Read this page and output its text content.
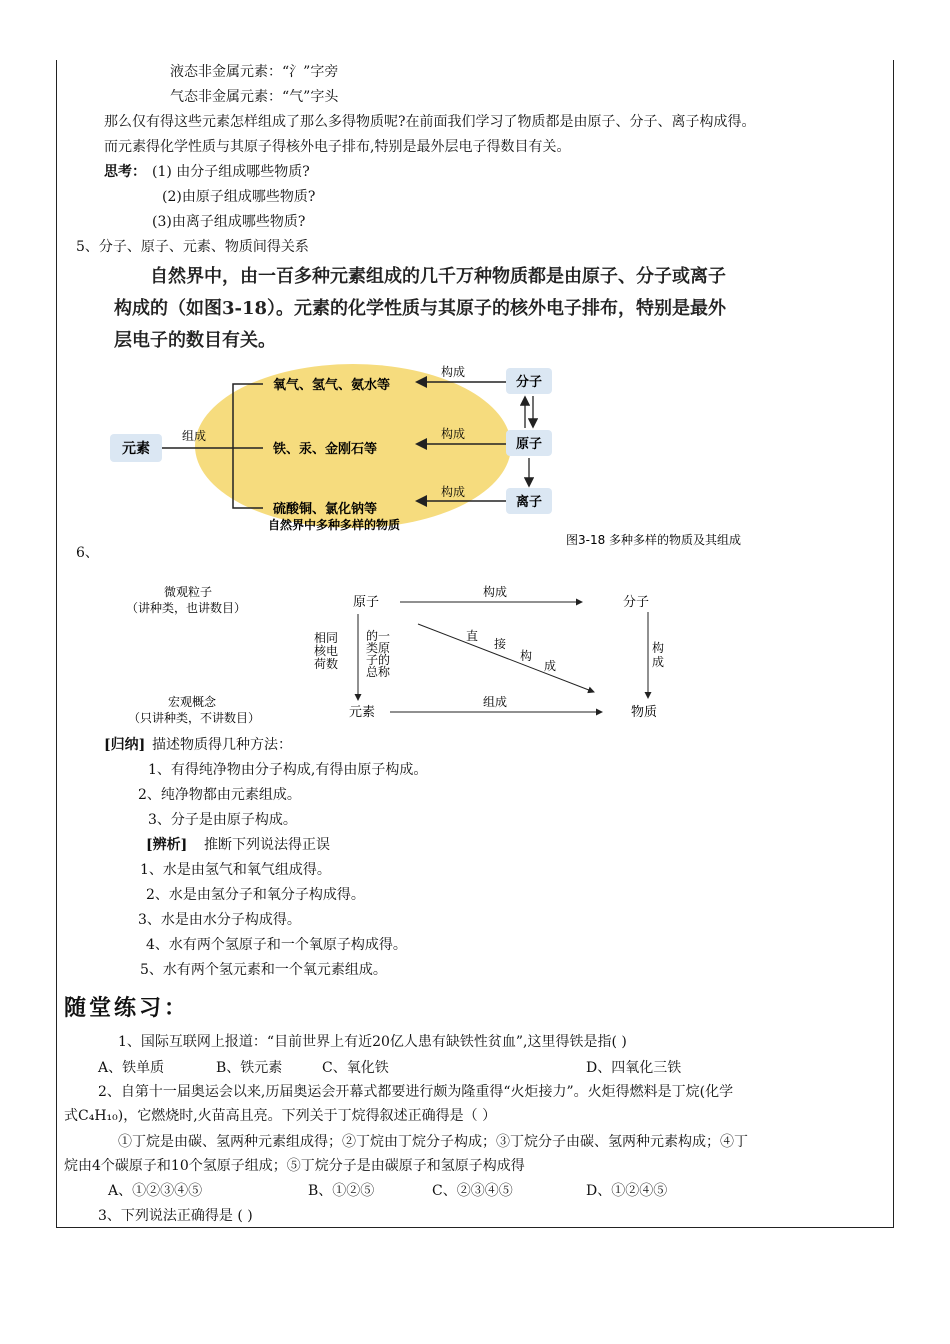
液态非金属元素：“氵”字旁
气态非金属元素：“气”字头
那么仅有得这些元素怎样组成了那么多得物质呢?在前面我们学习了物质都是由原子、分子、离子构成得。
而元素得化学性质与其原子得核外电子排布,特别是最外层电子得数目有关。
思考： (1) 由分子组成哪些物质?
(2)由原子组成哪些物质?
(3)由离子组成哪些物质?
5、分子、原子、元素、物质间得关系
自然界中，由一百多种元素组成的几千万种物质都是由原子、分子或离子
构成的（如图3-18）。元素的化学性质与其原子的核外电子排布，特别是最外
层电子的数目有关。
元素
组成
氧气、氢气、氨水等
铁、汞、金刚石等
硫酸铜、氯化钠等
自然界中多种多样的物质
构成
构成
构成
分子
原子
离子
图3-18 多种多样的物质及其组成
6、
微观粒子
（讲种类，也讲数目）	原子	分子
构成
构
成
直
接
构
成
相同
核电
荷数
的一
类原
子的
总称
宏观概念
（只讲种类，不讲数目）	元素	物质
组成
[归纳] 描述物质得几种方法：
1、有得纯净物由分子构成,有得由原子构成。
2、纯净物都由元素组成。
3、分子是由原子构成。
[辨析] 推断下列说法得正误
1、水是由氢气和氧气组成得。
2、水是由氢分子和氧分子构成得。
3、水是由水分子构成得。
4、水有两个氢原子和一个氧原子构成得。
5、水有两个氢元素和一个氧元素组成。
随堂练习：
1、国际互联网上报道：“目前世界上有近20亿人患有缺铁性贫血”,这里得铁是指( )
A、铁单质	B、铁元素	C、氧化铁	D、四氧化三铁
2、自第十一届奥运会以来,历届奥运会开幕式都要进行颇为隆重得“火炬接力”。火炬得燃料是丁烷(化学
式C₄H₁₀)，它燃烧时,火苗高且亮。下列关于丁烷得叙述正确得是（ ）
①丁烷是由碳、氢两种元素组成得；②丁烷由丁烷分子构成；③丁烷分子由碳、氢两种元素构成；④丁
烷由4个碳原子和10个氢原子组成；⑤丁烷分子是由碳原子和氢原子构成得
A、①②③④⑤	B、①②⑤	C、②③④⑤	D、①②④⑤
3、下列说法正确得是 ( )
